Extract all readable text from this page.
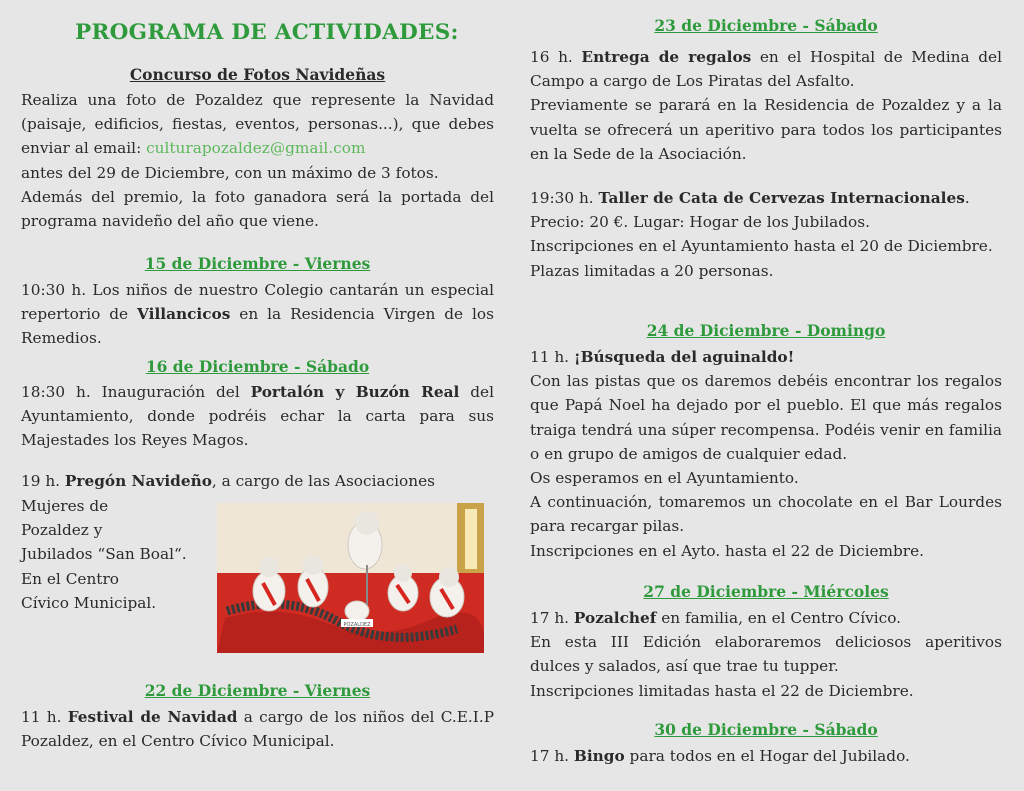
PROGRAMA DE ACTIVIDADES:
Concurso de Fotos Navideñas

Realiza una foto de Pozaldez que represente la Navidad (paisaje, edificios, fiestas, eventos, personas...), que debes enviar al email: culturapozaldez@gmail.com

antes del 29 de Diciembre, con un máximo de 3 fotos.

Además del premio, la foto ganadora será la portada del programa navideño del año que viene.

15 de Diciembre - Viernes

10:30 h. Los niños de nuestro Colegio cantarán un especial repertorio de Villancicos en la Residencia Virgen de los Remedios.

16 de Diciembre - Sábado

18:30 h. Inauguración del Portalón y Buzón Real del Ayuntamiento, donde podréis echar la carta para sus Majestades los Reyes Magos.

19 h. Pregón Navideño, a cargo de las Asociaciones

Mujeres de

Pozaldez y

Jubilados “San Boal“.

En el Centro

Cívico Municipal.

POZALDEZ
22 de Diciembre - Viernes

11 h. Festival de Navidad a cargo de los niños del C.E.I.P Pozaldez, en el Centro Cívico Municipal.

23 de Diciembre - Sábado

16 h. Entrega de regalos en el Hospital de Medina del Campo a cargo de Los Piratas del Asfalto.

Previamente se parará en la Residencia de Pozaldez y a la vuelta se ofrecerá un aperitivo para todos los participantes en la Sede de la Asociación.

19:30 h. Taller de Cata de Cervezas Internacionales.

Precio: 20 €. Lugar: Hogar de los Jubilados.

Inscripciones en el Ayuntamiento hasta el 20 de Diciembre.

Plazas limitadas a 20 personas.

24 de Diciembre - Domingo

11 h. ¡Búsqueda del aguinaldo!

Con las pistas que os daremos debéis encontrar los regalos que Papá Noel ha dejado por el pueblo. El que más regalos traiga tendrá una súper recompensa. Podéis venir en familia o en grupo de amigos de cualquier edad.

Os esperamos en el Ayuntamiento.

A continuación, tomaremos un chocolate en el Bar Lourdes para recargar pilas.

Inscripciones en el Ayto. hasta el 22 de Diciembre.

27 de Diciembre - Miércoles

17 h. Pozalchef en familia, en el Centro Cívico.

En esta III Edición elaboraremos deliciosos aperitivos dulces y salados, así que trae tu tupper.

Inscripciones limitadas hasta el 22 de Diciembre.

30 de Diciembre - Sábado

17 h. Bingo para todos en el Hogar del Jubilado.
